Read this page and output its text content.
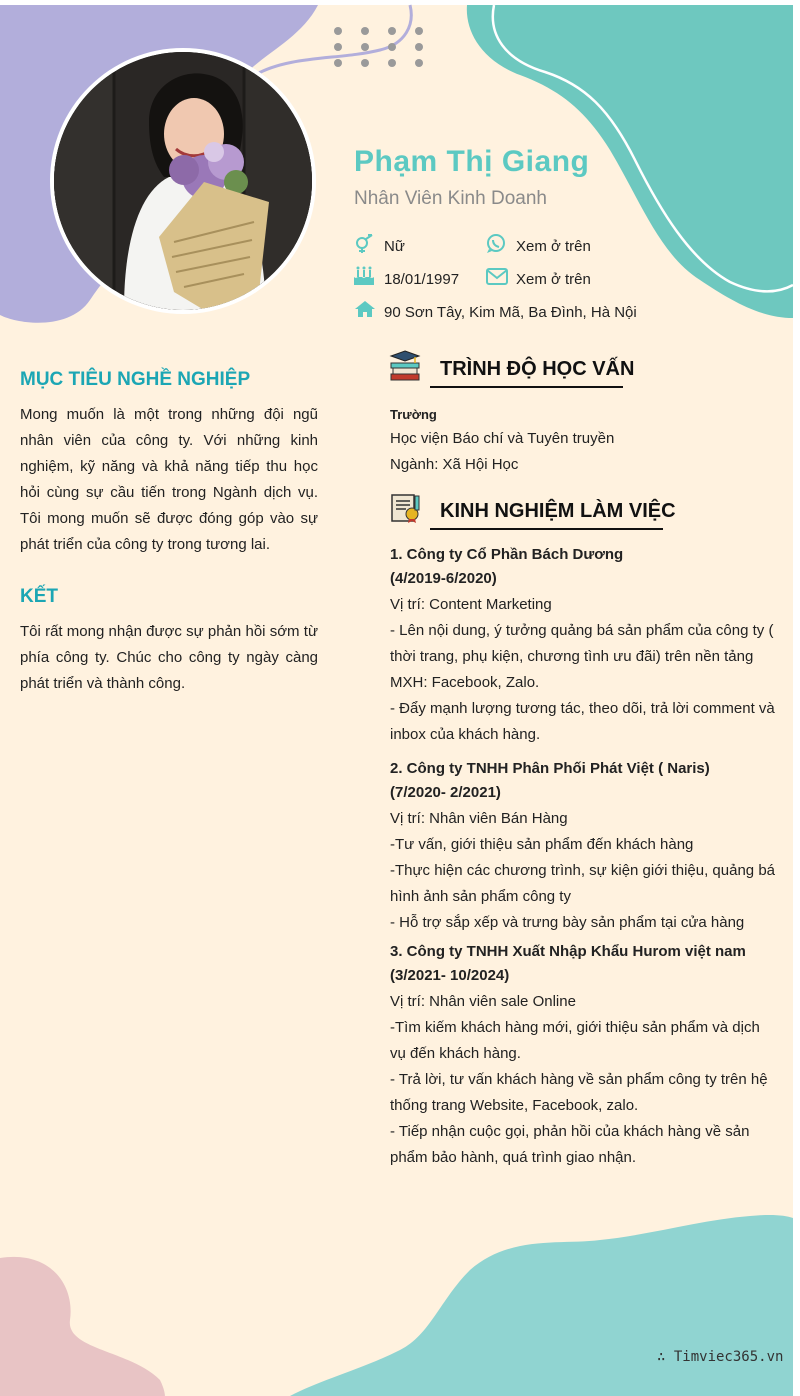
Phạm Thị Giang
Nhân Viên Kinh Doanh
Nữ	Xem ở trên
18/01/1997	Xem ở trên
90 Sơn Tây, Kim Mã, Ba Đình, Hà Nội
MỤC TIÊU NGHỀ NGHIỆP
Mong muốn là một trong những đội ngũ nhân viên của công ty. Với những kinh nghiệm, kỹ năng và khả năng tiếp thu học hỏi cùng sự cầu tiến trong Ngành dịch vụ. Tôi mong muốn sẽ được đóng góp vào sự phát triển của công ty trong tương lai.
KẾT
Tôi rất mong nhận được sự phản hồi sớm từ phía công ty. Chúc cho công ty ngày càng phát triển và thành công.
TRÌNH ĐỘ HỌC VẤN
Trường
Học viện Báo chí và Tuyên truyền
Ngành: Xã Hội Học
KINH NGHIỆM LÀM VIỆC
1. Công ty Cổ Phần Bách Dương
(4/2019-6/2020)
Vị trí: Content Marketing
- Lên nội dung, ý tưởng quảng bá sản phẩm của công ty ( thời trang, phụ kiện, chương tình ưu đãi) trên nền tảng MXH: Facebook, Zalo.
- Đẩy mạnh lượng tương tác, theo dõi, trả lời comment và inbox của khách hàng.
2. Công ty TNHH Phân Phối Phát Việt ( Naris)
(7/2020- 2/2021)
Vị trí: Nhân viên Bán Hàng
-Tư vấn, giới thiệu sản phẩm đến khách hàng
-Thực hiện các chương trình, sự kiện giới thiệu, quảng bá hình ảnh sản phẩm công ty
- Hỗ trợ sắp xếp và trưng bày sản phẩm tại cửa hàng
3. Công ty TNHH Xuất Nhập Khẩu Hurom việt nam
(3/2021- 10/2024)
Vị trí: Nhân viên sale Online
-Tìm kiếm khách hàng mới, giới thiệu sản phẩm và dịch vụ đến khách hàng.
- Trả lời, tư vấn khách hàng về sản phẩm công ty trên hệ thống trang Website, Facebook, zalo.
- Tiếp nhận cuộc gọi, phản hồi của khách hàng về sản phẩm bảo hành, quá trình giao nhận.
∴ Timviec365.vn
